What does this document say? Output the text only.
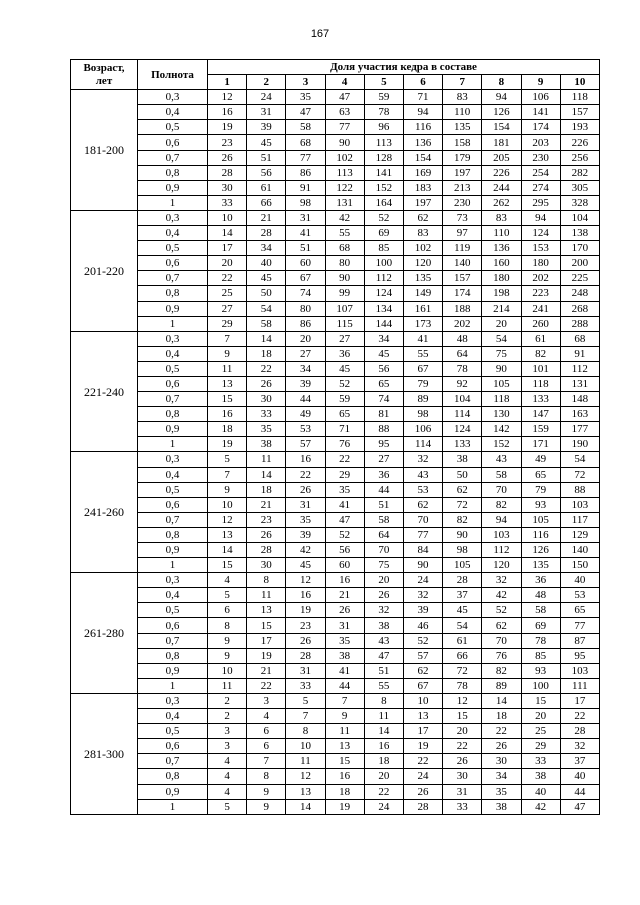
167
Возраст,
лет	Полнота	Доля участия кедра в составе									
		1	2	3	4	5	6	7	8	9	10
181-200	0,3	12	24	35	47	59	71	83	94	106	118
	0,4	16	31	47	63	78	94	110	126	141	157
	0,5	19	39	58	77	96	116	135	154	174	193
	0,6	23	45	68	90	113	136	158	181	203	226
	0,7	26	51	77	102	128	154	179	205	230	256
	0,8	28	56	86	113	141	169	197	226	254	282
	0,9	30	61	91	122	152	183	213	244	274	305
	1	33	66	98	131	164	197	230	262	295	328
201-220	0,3	10	21	31	42	52	62	73	83	94	104
	0,4	14	28	41	55	69	83	97	110	124	138
	0,5	17	34	51	68	85	102	119	136	153	170
	0,6	20	40	60	80	100	120	140	160	180	200
	0,7	22	45	67	90	112	135	157	180	202	225
	0,8	25	50	74	99	124	149	174	198	223	248
	0,9	27	54	80	107	134	161	188	214	241	268
	1	29	58	86	115	144	173	202	20	260	288
221-240	0,3	7	14	20	27	34	41	48	54	61	68
	0,4	9	18	27	36	45	55	64	75	82	91
	0,5	11	22	34	45	56	67	78	90	101	112
	0,6	13	26	39	52	65	79	92	105	118	131
	0,7	15	30	44	59	74	89	104	118	133	148
	0,8	16	33	49	65	81	98	114	130	147	163
	0,9	18	35	53	71	88	106	124	142	159	177
	1	19	38	57	76	95	114	133	152	171	190
241-260	0,3	5	11	16	22	27	32	38	43	49	54
	0,4	7	14	22	29	36	43	50	58	65	72
	0,5	9	18	26	35	44	53	62	70	79	88
	0,6	10	21	31	41	51	62	72	82	93	103
	0,7	12	23	35	47	58	70	82	94	105	117
	0,8	13	26	39	52	64	77	90	103	116	129
	0,9	14	28	42	56	70	84	98	112	126	140
	1	15	30	45	60	75	90	105	120	135	150
261-280	0,3	4	8	12	16	20	24	28	32	36	40
	0,4	5	11	16	21	26	32	37	42	48	53
	0,5	6	13	19	26	32	39	45	52	58	65
	0,6	8	15	23	31	38	46	54	62	69	77
	0,7	9	17	26	35	43	52	61	70	78	87
	0,8	9	19	28	38	47	57	66	76	85	95
	0,9	10	21	31	41	51	62	72	82	93	103
	1	11	22	33	44	55	67	78	89	100	111
281-300	0,3	2	3	5	7	8	10	12	14	15	17
	0,4	2	4	7	9	11	13	15	18	20	22
	0,5	3	6	8	11	14	17	20	22	25	28
	0,6	3	6	10	13	16	19	22	26	29	32
	0,7	4	7	11	15	18	22	26	30	33	37
	0,8	4	8	12	16	20	24	30	34	38	40
	0,9	4	9	13	18	22	26	31	35	40	44
	1	5	9	14	19	24	28	33	38	42	47
